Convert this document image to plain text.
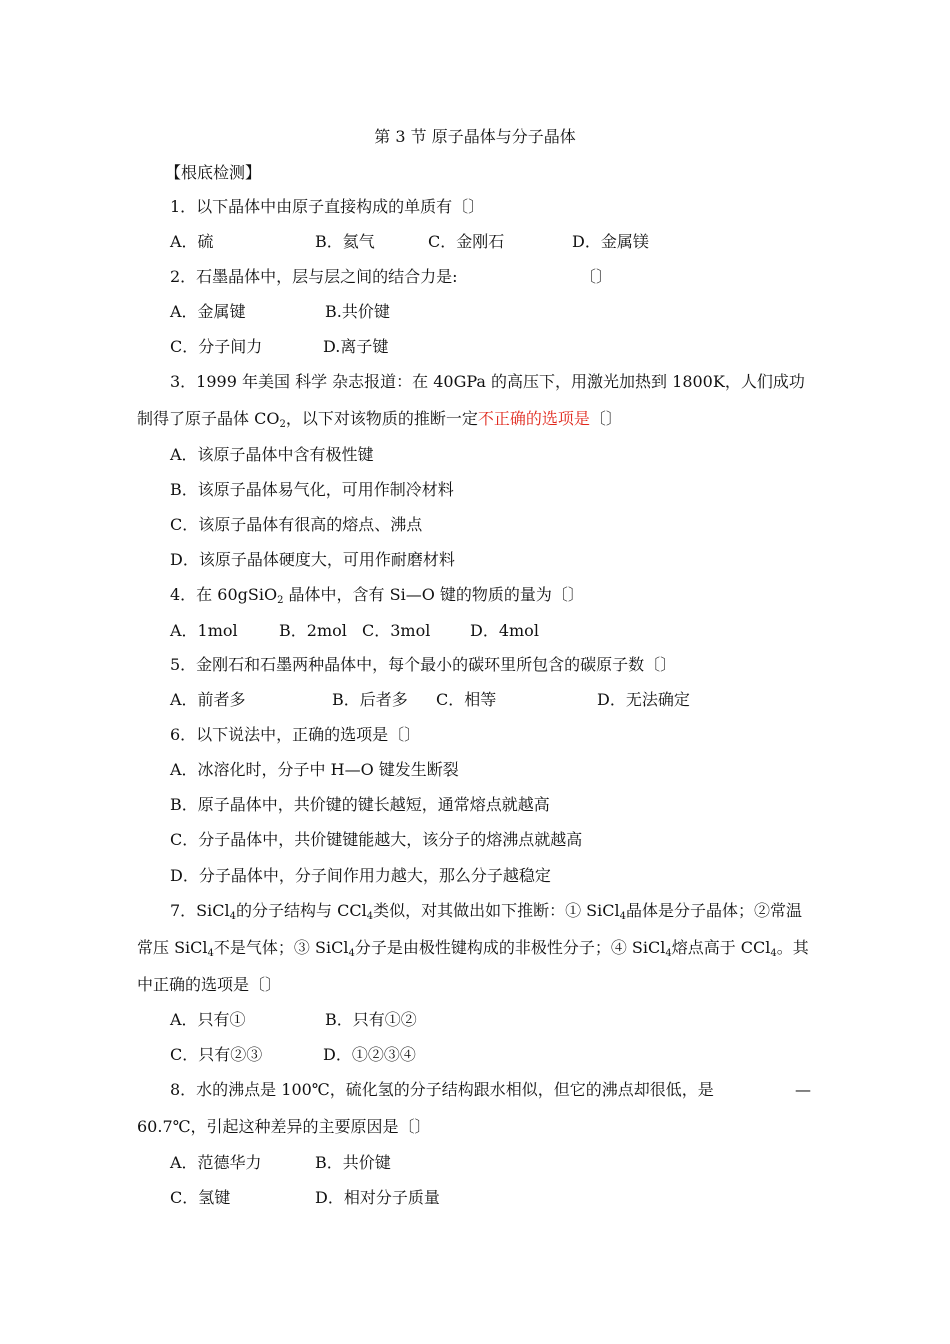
第 3 节 原子晶体与分子晶体
【根底检测】
1．以下晶体中由原子直接构成的单质有〔〕
A．硫	B．氦气	C．金刚石	D．金属镁
2．石墨晶体中，层与层之间的结合力是:	〔〕
A．金属键	B.共价键
C．分子间力	D.离子键
3．1999 年美国 科学 杂志报道：在 40GPa 的高压下，用激光加热到 1800K，人们成功
制得了原子晶体 $CO_2$，以下对该物质的推断一定不正确的选项是〔〕
A．该原子晶体中含有极性键
B．该原子晶体易气化，可用作制冷材料
C．该原子晶体有很高的熔点、沸点
D．该原子晶体硬度大，可用作耐磨材料
4．在 60gSiO$_2$ 晶体中，含有 Si—O 键的物质的量为〔〕
A．1mol	B．2mol C．3mol D．4mol
5．金刚石和石墨两种晶体中，每个最小的碳环里所包含的碳原子数〔〕
A．前者多	B．后者多 C．相等	D．无法确定
6．以下说法中，正确的选项是〔〕
A．冰溶化时，分子中 H—O 键发生断裂
B．原子晶体中，共价键的键长越短，通常熔点就越高
C．分子晶体中，共价键键能越大，该分子的熔沸点就越高
D．分子晶体中，分子间作用力越大，那么分子越稳定
7．SiCl$_4$的分子结构与 CCl$_4$类似，对其做出如下推断：① SiCl$_4$晶体是分子晶体；②常温
常压 SiCl$_4$不是气体；③ SiCl$_4$分子是由极性键构成的非极性分子；④ SiCl$_4$熔点高于 CCl$_4$。其
中正确的选项是〔〕
A．只有①	B．只有①②
C．只有②③	D．①②③④
8．水的沸点是 100℃，硫化氢的分子结构跟水相似，但它的沸点却很低，是	—
60.7℃，引起这种差异的主要原因是〔〕
A．范德华力	B．共价键
C．氢键	D．相对分子质量
